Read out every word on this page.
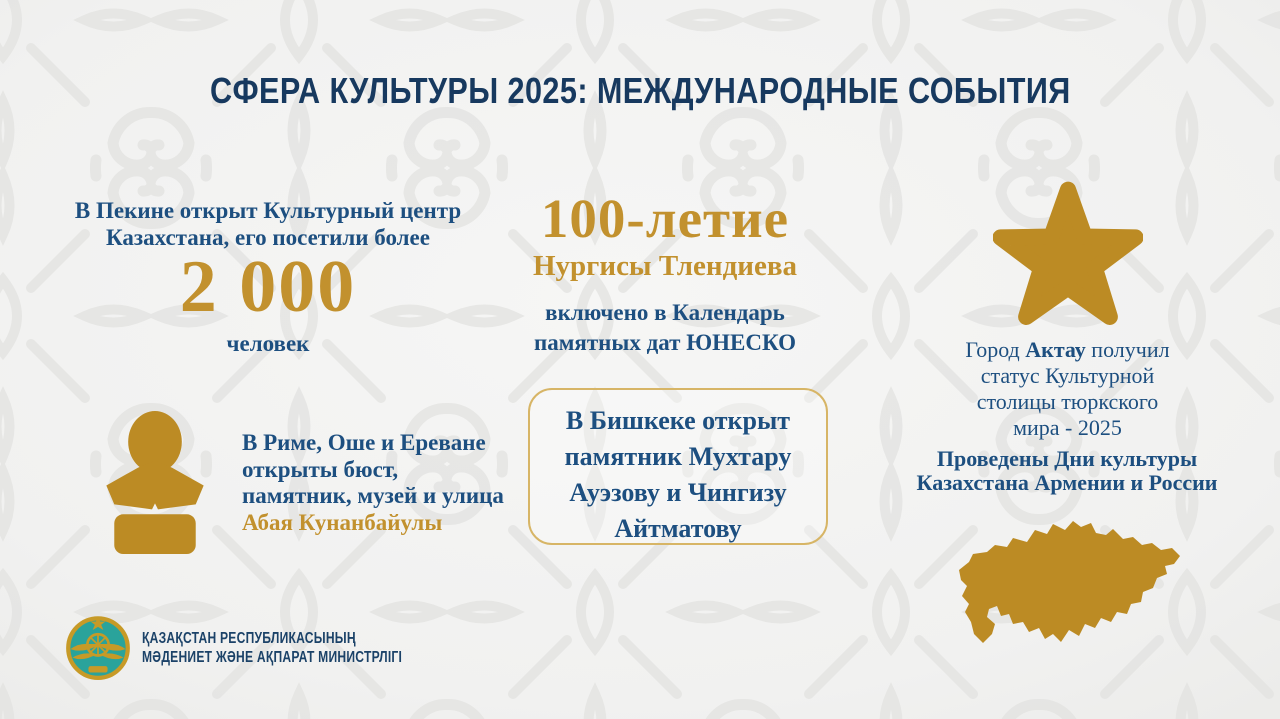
СФЕРА КУЛЬТУРЫ 2025: МЕЖДУНАРОДНЫЕ СОБЫТИЯ
В Пекине открыт Культурный центр
Казахстана, его посетили более
2 000
человек
100-летие
Нургисы Тлендиева
включено в Календарь
памятных дат ЮНЕСКО	Город Актау получил
статус Культурной
столицы тюркского
мира - 2025
Проведены Дни культуры
Казахстана Армении и России
В Риме, Оше и Ереване
открыты бюст,
памятник, музей и улица
Абая Кунанбайулы
В Бишкеке открыт
памятник Мухтару
Ауэзову и Чингизу
Айтматову
ҚАЗАҚСТАН РЕСПУБЛИКАСЫНЫҢ
МӘДЕНИЕТ ЖӘНЕ АҚПАРАТ МИНИСТРЛІГІ
